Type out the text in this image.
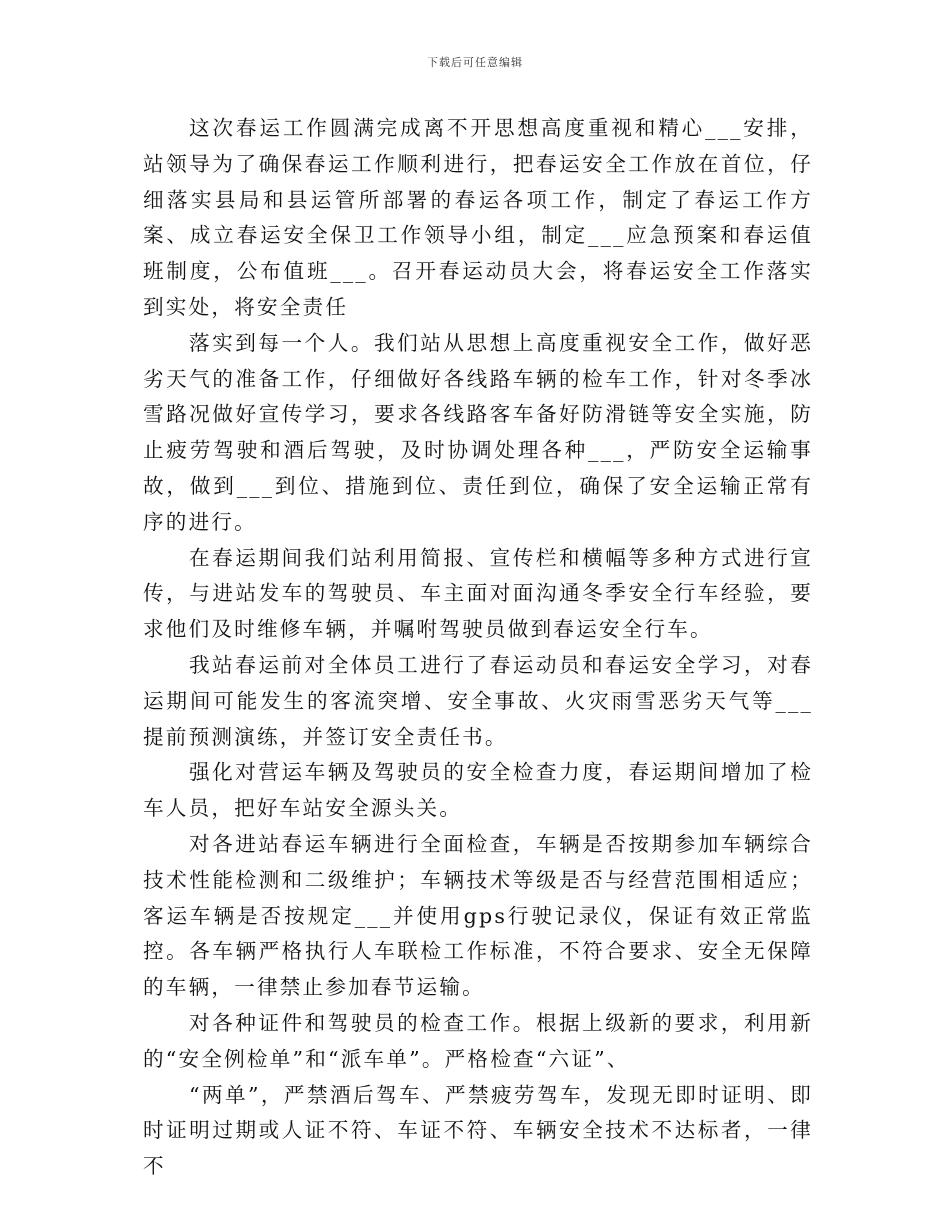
下载后可任意编辑

这次春运工作圆满完成离不开思想高度重视和精心___安排，站领导为了确保春运工作顺利进行，把春运安全工作放在首位，仔细落实县局和县运管所部署的春运各项工作，制定了春运工作方案、成立春运安全保卫工作领导小组，制定___应急预案和春运值班制度，公布值班___。召开春运动员大会，将春运安全工作落实到实处，将安全责任

落实到每一个人。我们站从思想上高度重视安全工作，做好恶劣天气的准备工作，仔细做好各线路车辆的检车工作，针对冬季冰雪路况做好宣传学习，要求各线路客车备好防滑链等安全实施，防止疲劳驾驶和酒后驾驶，及时协调处理各种___，严防安全运输事故，做到___到位、措施到位、责任到位，确保了安全运输正常有序的进行。

在春运期间我们站利用简报、宣传栏和横幅等多种方式进行宣传，与进站发车的驾驶员、车主面对面沟通冬季安全行车经验，要求他们及时维修车辆，并嘱咐驾驶员做到春运安全行车。

我站春运前对全体员工进行了春运动员和春运安全学习，对春运期间可能发生的客流突增、安全事故、火灾雨雪恶劣天气等___提前预测演练，并签订安全责任书。

强化对营运车辆及驾驶员的安全检查力度，春运期间增加了检车人员，把好车站安全源头关。

对各进站春运车辆进行全面检查，车辆是否按期参加车辆综合技术性能检测和二级维护；车辆技术等级是否与经营范围相适应；客运车辆是否按规定___并使用gps行驶记录仪，保证有效正常监控。各车辆严格执行人车联检工作标准，不符合要求、安全无保障的车辆，一律禁止参加春节运输。

对各种证件和驾驶员的检查工作。根据上级新的要求，利用新的“安全例检单”和“派车单”。严格检查“六证”、

“两单”，严禁酒后驾车、严禁疲劳驾车，发现无即时证明、即时证明过期或人证不符、车证不符、车辆安全技术不达标者，一律不
